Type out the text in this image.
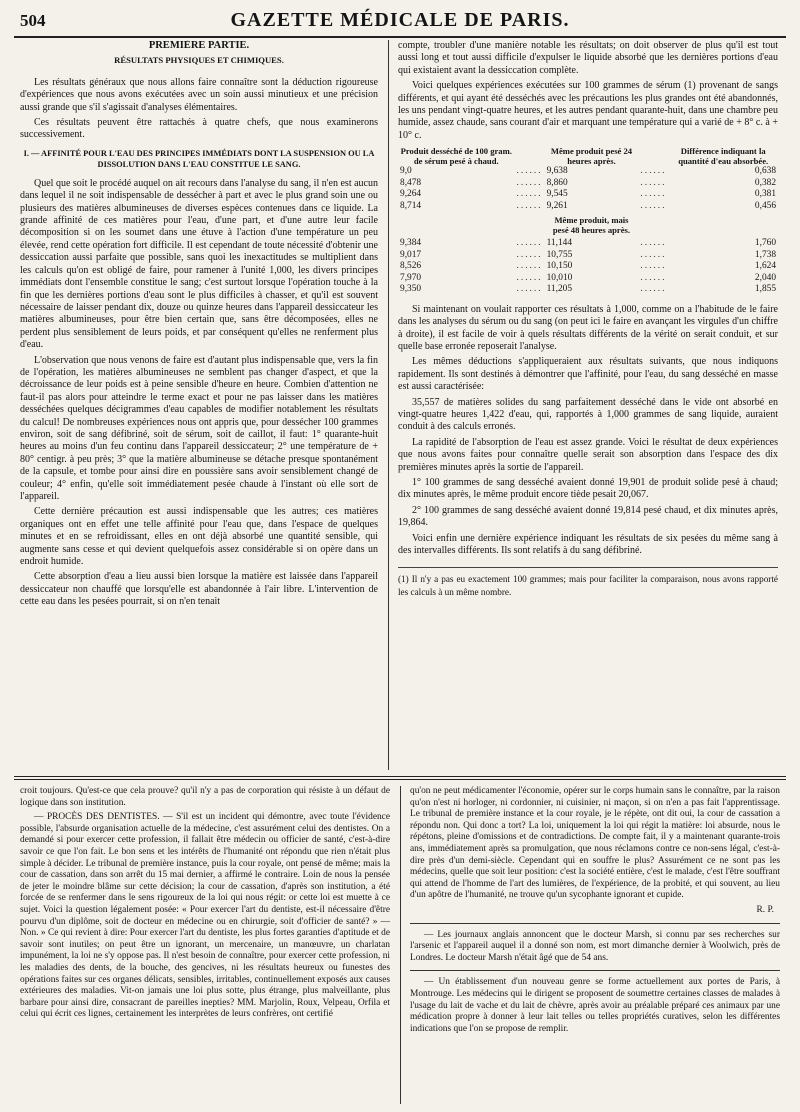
504	GAZETTE MÉDICALE DE PARIS.
PREMIÈRE PARTIE.
RÉSULTATS PHYSIQUES ET CHIMIQUES.

Les résultats généraux que nous allons faire connaître sont la déduction rigoureuse d'expériences que nous avons exécutées avec un soin aussi minutieux et une précision aussi grande que s'il s'agissait d'analyses élémentaires.

Ces résultats peuvent être rattachés à quatre chefs, que nous examinerons successivement.

I. — AFFINITÉ POUR L'EAU DES PRINCIPES IMMÉDIATS DONT LA SUSPENSION OU LA DISSOLUTION DANS L'EAU CONSTITUE LE SANG.

Quel que soit le procédé auquel on ait recours dans l'analyse du sang, il n'en est aucun dans lequel il ne soit indispensable de dessécher à part et avec le plus grand soin une ou plusieurs des matières albumineuses de diverses espèces contenues dans ce liquide. La grande affinité de ces matières pour l'eau, d'une part, et d'une autre leur facile décomposition si on les soumet dans une étuve à l'action d'une température un peu élevée, rend cette opération fort difficile. Il est cependant de toute nécessité d'obtenir une dessiccation aussi parfaite que possible, sans quoi les inexactitudes se multiplient dans les calculs qu'on est obligé de faire, pour ramener à l'unité 1,000, les divers principes immédiats dont l'ensemble constitue le sang; c'est surtout lorsque l'opération touche à la fin que les dernières portions d'eau sont le plus difficiles à chasser, et qu'il est souvent nécessaire de laisser pendant dix, douze ou quinze heures dans l'appareil dessiccateur les matières albumineuses, pour être bien certain que, sans être décomposées, elles ne perdent plus sensiblement de leurs poids, et par conséquent qu'elles ne renferment plus d'eau.

L'observation que nous venons de faire est d'autant plus indispensable que, vers la fin de l'opération, les matières albumineuses ne semblent pas changer d'aspect, et que la décroissance de leur poids est à peine sensible d'heure en heure. Combien d'attention ne faut-il pas alors pour atteindre le terme exact et pour ne pas laisser dans les matières desséchées quelques décigrammes d'eau capables de modifier notablement les résultats du calcul! De nombreuses expériences nous ont appris que, pour dessécher 100 grammes environ, soit de sang défibriné, soit de sérum, soit de caillot, il faut: 1° quarante-huit heures au moins d'un feu continu dans l'appareil dessiccateur; 2° une température de + 80° centigr. à peu près; 3° que la matière albumineuse se détache presque spontanément de la capsule, et tombe pour ainsi dire en poussière sans avoir sensiblement changé de couleur; 4° enfin, qu'elle soit immédiatement pesée chaude à l'instant où elle sort de l'appareil.

Cette dernière précaution est aussi indispensable que les autres; ces matières organiques ont en effet une telle affinité pour l'eau que, dans l'espace de quelques minutes et en se refroidissant, elles en ont déjà absorbé une quantité sensible, qui augmente sans cesse et qui devient quelquefois assez considérable si on opère dans un endroit humide.

Cette absorption d'eau a lieu aussi bien lorsque la matière est laissée dans l'appareil dessiccateur non chauffé que lorsqu'elle est abandonnée à l'air libre. L'intervention de cette eau dans les pesées pourrait, si on n'en tenait

compte, troubler d'une manière notable les résultats; on doit observer de plus qu'il est tout aussi long et tout aussi difficile d'expulser le liquide absorbé que les dernières portions d'eau qui existaient avant la dessiccation complète.

Voici quelques expériences exécutées sur 100 grammes de sérum (1) provenant de sangs différents, et qui ayant été desséchés avec les précautions les plus grandes ont été abandonnés, les uns pendant vingt-quatre heures, et les autres pendant quarante-huit, dans une chambre peu humide, assez chaude, sans courant d'air et marquant une température qui a varié de + 8° c. à + 10° c.

Produit desséché de 100 gram. de sérum pesé à chaud.		Même produit pesé 24 heures après.		Différence indiquant la quantité d'eau absorbée.
9,0	......	9,638	......	0,638
8,478	......	8,860	......	0,382
9,264	......	9,545	......	0,381
8,714	......	9,261	......	0,456
		Même produit, mais pesé 48 heures après.		
9,384	......	11,144	......	1,760
9,017	......	10,755	......	1,738
8,526	......	10,150	......	1,624
7,970	......	10,010	......	2,040
9,350	......	11,205	......	1,855

Si maintenant on voulait rapporter ces résultats à 1,000, comme on a l'habitude de le faire dans les analyses du sérum ou du sang (on peut ici le faire en avançant les virgules d'un chiffre à droite), il est facile de voir à quels résultats différents de la vérité on serait conduit, et sur quelle base erronée reposerait l'analyse.

Les mêmes déductions s'appliqueraient aux résultats suivants, que nous indiquons rapidement. Ils sont destinés à démontrer que l'affinité, pour l'eau, du sang desséché en masse est aussi caractérisée:

35,557 de matières solides du sang parfaitement desséché dans le vide ont absorbé en vingt-quatre heures 1,422 d'eau, qui, rapportés à 1,000 grammes de sang liquide, auraient conduit à des calculs erronés.

La rapidité de l'absorption de l'eau est assez grande. Voici le résultat de deux expériences que nous avons faites pour connaître quelle serait son absorption dans l'espace des dix premières minutes après la sortie de l'appareil.

1° 100 grammes de sang desséché avaient donné 19,901 de produit solide pesé à chaud; dix minutes après, le même produit encore tiède pesait 20,067.

2° 100 grammes de sang desséché avaient donné 19,814 pesé chaud, et dix minutes après, 19,864.

Voici enfin une dernière expérience indiquant les résultats de six pesées du même sang à des intervalles différents. Ils sont relatifs à du sang défibriné.

(1) Il n'y a pas eu exactement 100 grammes; mais pour faciliter la comparaison, nous avons rapporté les calculs à un même nombre.

croit toujours. Qu'est-ce que cela prouve? qu'il n'y a pas de corporation qui résiste à un défaut de logique dans son institution.

— PROCÈS DES DENTISTES. — S'il est un incident qui démontre, avec toute l'évidence possible, l'absurde organisation actuelle de la médecine, c'est assurément celui des dentistes. On a demandé si pour exercer cette profession, il fallait être médecin ou officier de santé, c'est-à-dire savoir ce que l'on fait. Le bon sens et les intérêts de l'humanité ont répondu que rien n'était plus simple à décider. Le tribunal de première instance, puis la cour royale, ont pensé de même; mais la cour de cassation, dans son arrêt du 15 mai dernier, a affirmé le contraire. Loin de nous la pensée de jeter le moindre blâme sur cette décision; la cour de cassation, d'après son institution, a été forcée de se renfermer dans le sens rigoureux de la loi qui nous régit: or cette loi est muette à ce sujet. Voici la question légalement posée: « Pour exercer l'art du dentiste, est-il nécessaire d'être pourvu d'un diplôme, soit de docteur en médecine ou en chirurgie, soit d'officier de santé? » — Non. » Ce qui revient à dire: Pour exercer l'art du dentiste, les plus fortes garanties d'aptitude et de savoir sont inutiles; on peut être un ignorant, un mercenaire, un manœuvre, un charlatan impunément, la loi ne s'y oppose pas. Il n'est besoin de connaître, pour exercer cette profession, ni les maladies des dents, de la bouche, des gencives, ni les résultats heureux ou funestes des opérations faites sur ces organes délicats, sensibles, irritables, continuellement exposés aux causes extérieures des maladies. Vit-on jamais une loi plus sotte, plus étrange, plus malveillante, plus barbare pour ainsi dire, consacrant de pareilles inepties? MM. Marjolin, Roux, Velpeau, Orfila et celui qui écrit ces lignes, certainement les interprètes de leurs confrères, ont certifié

qu'on ne peut médicamenter l'économie, opérer sur le corps humain sans le connaître, par la raison qu'on n'est ni horloger, ni cordonnier, ni cuisinier, ni maçon, si on n'en a pas fait l'apprentissage. Le tribunal de première instance et la cour royale, je le répète, ont dit oui, la cour de cassation a répondu non. Qui donc a tort? La loi, uniquement la loi qui régit la matière: loi absurde, nous le répétons, pleine d'omissions et de contradictions. De compte fait, il y a maintenant quarante-trois ans, immédiatement après sa promulgation, que nous réclamons contre ce non-sens légal, c'est-à-dire près d'un demi-siècle. Cependant qui en souffre le plus? Assurément ce ne sont pas les médecins, quelle que soit leur position: c'est la société entière, c'est le malade, c'est l'être souffrant qui attend de l'homme de l'art des lumières, de l'expérience, de la probité, et qui souvent, au lieu d'un apôtre de l'humanité, ne trouve qu'un sycophante ignorant et cupide.

R. P.

— Les journaux anglais annoncent que le docteur Marsh, si connu par ses recherches sur l'arsenic et l'appareil auquel il a donné son nom, est mort dimanche dernier à Woolwich, près de Londres. Le docteur Marsh n'était âgé que de 54 ans.

— Un établissement d'un nouveau genre se forme actuellement aux portes de Paris, à Montrouge. Les médecins qui le dirigent se proposent de soumettre certaines classes de malades à l'usage du lait de vache et du lait de chèvre, après avoir au préalable préparé ces animaux par une médication propre à donner à leur lait telles ou telles propriétés curatives, selon les différentes indications que l'on se propose de remplir.
